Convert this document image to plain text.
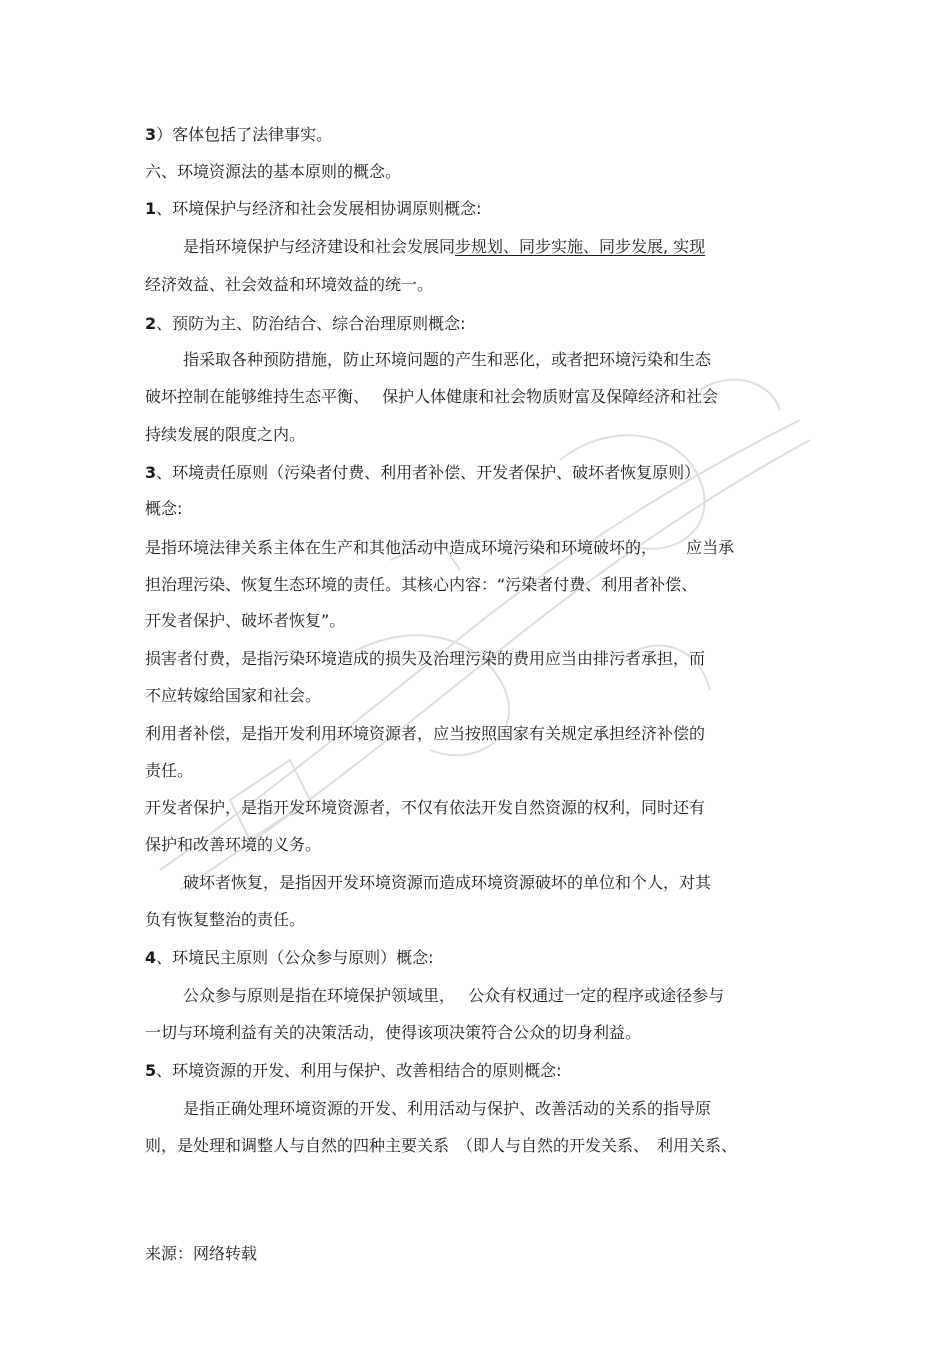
3）客体包括了法律事实。
六、环境资源法的基本原则的概念。
1、环境保护与经济和社会发展相协调原则概念:
是指环境保护与经济建设和社会发展同步规划、同步实施、同步发展, 实现
经济效益、社会效益和环境效益的统一。
2、预防为主、防治结合、综合治理原则概念:
指采取各种预防措施，防止环境问题的产生和恶化，或者把环境污染和生态
破坏控制在能够维持生态平衡、　 保护人体健康和社会物质财富及保障经济和社会
持续发展的限度之内。
3、环境责任原则（污染者付费、利用者补偿、开发者保护、破坏者恢复原则）
概念:
是指环境法律关系主体在生产和其他活动中造成环境污染和环境破坏的，　　 应当承
担治理污染、恢复生态环境的责任。其核心内容：“污染者付费、利用者补偿、
开发者保护、破坏者恢复”。
损害者付费，是指污染环境造成的损失及治理污染的费用应当由排污者承担，而
不应转嫁给国家和社会。
利用者补偿，是指开发利用环境资源者，应当按照国家有关规定承担经济补偿的
责任。
开发者保护，是指开发环境资源者，不仅有依法开发自然资源的权利，同时还有
保护和改善环境的义务。
破坏者恢复，是指因开发环境资源而造成环境资源破坏的单位和个人，对其
负有恢复整治的责任。
4、环境民主原则（公众参与原则）概念:
公众参与原则是指在环境保护领域里，　 公众有权通过一定的程序或途径参与
一切与环境利益有关的决策活动，使得该项决策符合公众的切身利益。
5、环境资源的开发、利用与保护、改善相结合的原则概念:
是指正确处理环境资源的开发、利用活动与保护、改善活动的关系的指导原
则，是处理和调整人与自然的四种主要关系　（即人与自然的开发关系、　利用关系、
来源：网络转载
